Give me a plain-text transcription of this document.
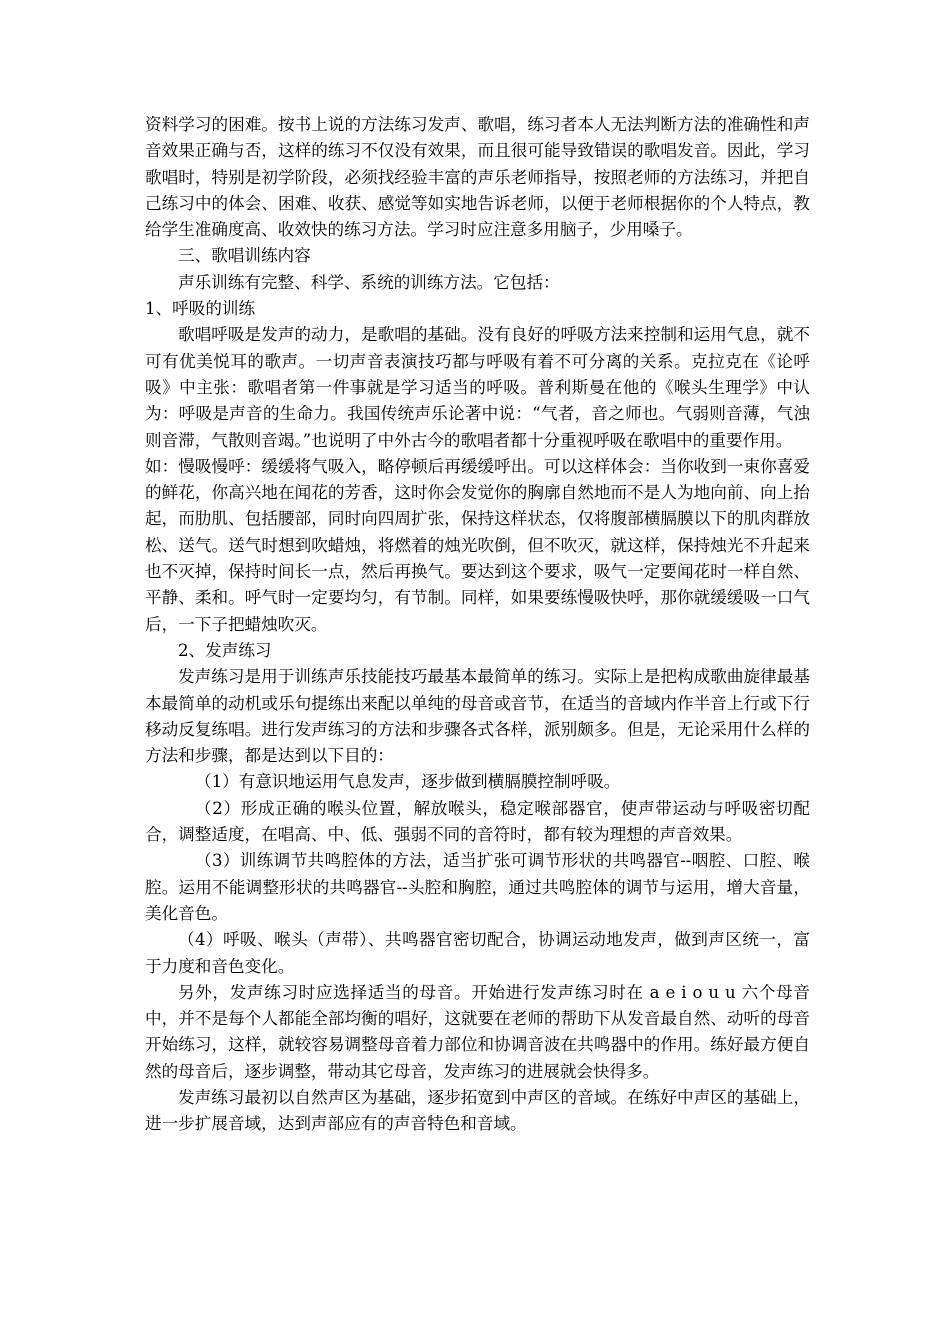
资料学习的困难。按书上说的方法练习发声、歌唱，练习者本人无法判断方法的准确性和声音效果正确与否，这样的练习不仅没有效果，而且很可能导致错误的歌唱发音。因此，学习歌唱时，特别是初学阶段，必须找经验丰富的声乐老师指导，按照老师的方法练习，并把自己练习中的体会、困难、收获、感觉等如实地告诉老师，以便于老师根据你的个人特点，教给学生准确度高、收效快的练习方法。学习时应注意多用脑子，少用嗓子。

三、歌唱训练内容

声乐训练有完整、科学、系统的训练方法。它包括：

1、呼吸的训练

歌唱呼吸是发声的动力，是歌唱的基础。没有良好的呼吸方法来控制和运用气息，就不可有优美悦耳的歌声。一切声音表演技巧都与呼吸有着不可分离的关系。克拉克在《论呼吸》中主张：歌唱者第一件事就是学习适当的呼吸。普利斯曼在他的《喉头生理学》中认为：呼吸是声音的生命力。我国传统声乐论著中说：“气者，音之师也。气弱则音薄，气浊则音滞，气散则音竭。”也说明了中外古今的歌唱者都十分重视呼吸在歌唱中的重要作用。

如：慢吸慢呼：缓缓将气吸入，略停顿后再缓缓呼出。可以这样体会：当你收到一束你喜爱的鲜花，你高兴地在闻花的芳香，这时你会发觉你的胸廓自然地而不是人为地向前、向上抬起，而肋肌、包括腰部，同时向四周扩张，保持这样状态，仅将腹部横膈膜以下的肌肉群放松、送气。送气时想到吹蜡烛，将燃着的烛光吹倒，但不吹灭，就这样，保持烛光不升起来也不灭掉，保持时间长一点，然后再换气。要达到这个要求，吸气一定要闻花时一样自然、平静、柔和。呼气时一定要均匀，有节制。同样，如果要练慢吸快呼，那你就缓缓吸一口气后，一下子把蜡烛吹灭。

2、发声练习

发声练习是用于训练声乐技能技巧最基本最简单的练习。实际上是把构成歌曲旋律最基本最简单的动机或乐句提练出来配以单纯的母音或音节，在适当的音域内作半音上行或下行移动反复练唱。进行发声练习的方法和步骤各式各样，派别颇多。但是，无论采用什么样的方法和步骤，都是达到以下目的：

（1）有意识地运用气息发声，逐步做到横膈膜控制呼吸。

（2）形成正确的喉头位置，解放喉头，稳定喉部器官，使声带运动与呼吸密切配合，调整适度，在唱高、中、低、强弱不同的音符时，都有较为理想的声音效果。

（3）训练调节共鸣腔体的方法，适当扩张可调节形状的共鸣器官--咽腔、口腔、喉腔。运用不能调整形状的共鸣器官--头腔和胸腔，通过共鸣腔体的调节与运用，增大音量，美化音色。

（4）呼吸、喉头（声带）、共鸣器官密切配合，协调运动地发声，做到声区统一，富于力度和音色变化。

另外，发声练习时应选择适当的母音。开始进行发声练习时在 a e i o u u 六个母音中，并不是每个人都能全部均衡的唱好，这就要在老师的帮助下从发音最自然、动听的母音开始练习，这样，就较容易调整母音着力部位和协调音波在共鸣器中的作用。练好最方便自然的母音后，逐步调整，带动其它母音，发声练习的进展就会快得多。

发声练习最初以自然声区为基础，逐步拓宽到中声区的音域。在练好中声区的基础上，进一步扩展音域，达到声部应有的声音特色和音域。
